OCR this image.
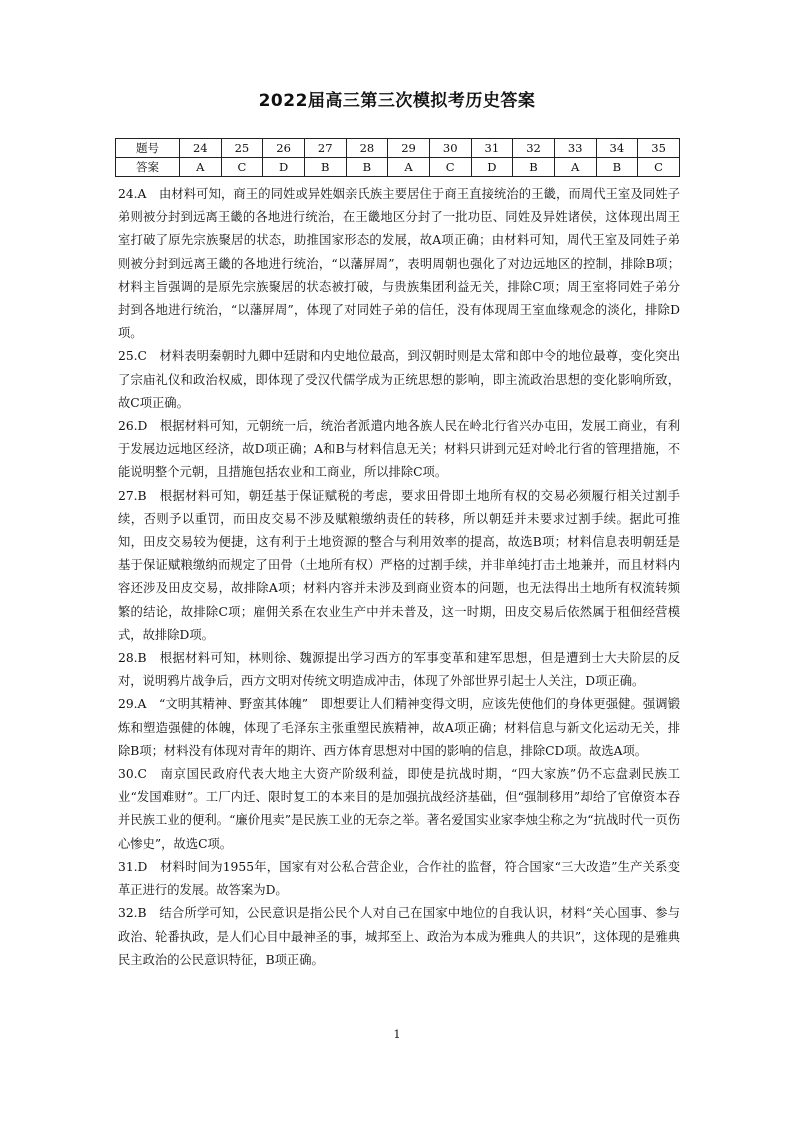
2022届高三第三次模拟考历史答案
题号	24	25	26	27	28	29	30	31	32	33	34	35
答案	A	C	D	B	B	A	C	D	B	A	B	C

24.A　由材料可知，商王的同姓或异姓姻亲氏族主要居住于商王直接统治的王畿，而周代王室及同姓子弟则被分封到远离王畿的各地进行统治，在王畿地区分封了一批功臣、同姓及异姓诸侯，这体现出周王室打破了原先宗族聚居的状态，助推国家形态的发展，故A项正确；由材料可知，周代王室及同姓子弟则被分封到远离王畿的各地进行统治，“以藩屏周”，表明周朝也强化了对边远地区的控制，排除B项；材料主旨强调的是原先宗族聚居的状态被打破，与贵族集团利益无关，排除C项；周王室将同姓子弟分封到各地进行统治，“以藩屏周”，体现了对同姓子弟的信任，没有体现周王室血缘观念的淡化，排除D项。

25.C　材料表明秦朝时九卿中廷尉和内史地位最高，到汉朝时则是太常和郎中令的地位最尊，变化突出了宗庙礼仪和政治权威，即体现了受汉代儒学成为正统思想的影响，即主流政治思想的变化影响所致，故C项正确。

26.D　根据材料可知，元朝统一后，统治者派遣内地各族人民在岭北行省兴办屯田，发展工商业，有利于发展边远地区经济，故D项正确；A和B与材料信息无关；材料只讲到元廷对岭北行省的管理措施，不能说明整个元朝，且措施包括农业和工商业，所以排除C项。

27.B　根据材料可知，朝廷基于保证赋税的考虑，要求田骨即土地所有权的交易必须履行相关过割手续，否则予以重罚，而田皮交易不涉及赋粮缴纳责任的转移，所以朝廷并未要求过割手续。据此可推知，田皮交易较为便捷，这有利于土地资源的整合与利用效率的提高，故选B项；材料信息表明朝廷是基于保证赋粮缴纳而规定了田骨（土地所有权）严格的过割手续，并非单纯打击土地兼并，而且材料内容还涉及田皮交易，故排除A项；材料内容并未涉及到商业资本的问题，也无法得出土地所有权流转频繁的结论，故排除C项；雇佣关系在农业生产中并未普及，这一时期，田皮交易后依然属于租佃经营模式，故排除D项。

28.B　根据材料可知，林则徐、魏源提出学习西方的军事变革和建军思想，但是遭到士大夫阶层的反对，说明鸦片战争后，西方文明对传统文明造成冲击，体现了外部世界引起士人关注，D项正确。

29.A　“文明其精神、野蛮其体魄”　即想要让人们精神变得文明，应该先使他们的身体更强健。强调锻炼和塑造强健的体魄，体现了毛泽东主张重塑民族精神，故A项正确；材料信息与新文化运动无关，排除B项；材料没有体现对青年的期许、西方体育思想对中国的影响的信息，排除CD项。故选A项。

30.C　南京国民政府代表大地主大资产阶级利益，即使是抗战时期，“四大家族”仍不忘盘剥民族工业“发国难财”。工厂内迁、限时复工的本来目的是加强抗战经济基础，但“强制移用”却给了官僚资本吞并民族工业的便利。“廉价甩卖”是民族工业的无奈之举。著名爱国实业家李烛尘称之为“抗战时代一页伤心惨史”，故选C项。

31.D　材料时间为1955年，国家有对公私合营企业，合作社的监督，符合国家“三大改造”生产关系变革正进行的发展。故答案为D。

32.B　结合所学可知，公民意识是指公民个人对自己在国家中地位的自我认识，材料“关心国事、参与政治、轮番执政，是人们心目中最神圣的事，城邦至上、政治为本成为雅典人的共识”，这体现的是雅典民主政治的公民意识特征，B项正确。

1
